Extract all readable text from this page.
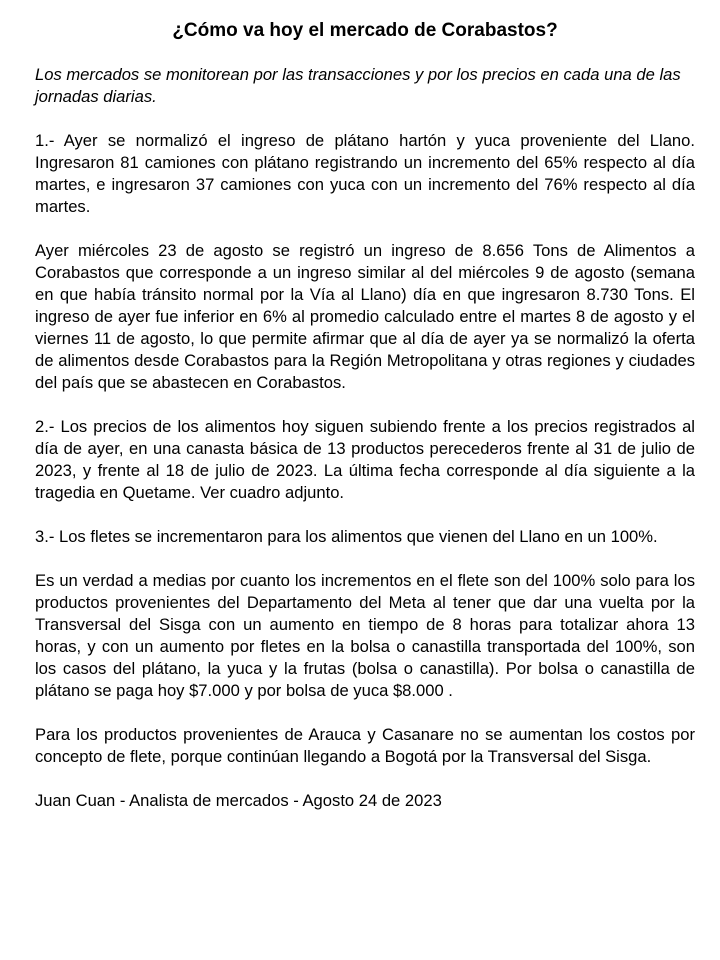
¿Cómo va hoy el mercado de Corabastos?

Los mercados se monitorean por las transacciones y por los precios en cada una de las jornadas diarias.

1.- Ayer se normalizó el ingreso de plátano hartón y yuca proveniente del Llano. Ingresaron 81 camiones con plátano registrando un incremento del 65% respecto al día martes, e ingresaron 37 camiones con yuca con un incremento del 76% respecto al día martes.

Ayer miércoles 23 de agosto se registró un ingreso de 8.656 Tons de Alimentos a Corabastos que corresponde a un ingreso similar al del miércoles 9 de agosto (semana en que había tránsito normal por la Vía al Llano) día en que ingresaron 8.730 Tons. El ingreso de ayer fue inferior en 6% al promedio calculado entre el martes 8 de agosto y el viernes 11 de agosto, lo que permite afirmar que al día de ayer ya se normalizó la oferta de alimentos desde Corabastos para la Región Metropolitana y otras regiones y ciudades del país que se abastecen en Corabastos.

2.- Los precios de los alimentos hoy siguen subiendo frente a los precios registrados al día de ayer, en una canasta básica de 13 productos perecederos frente al 31 de julio de 2023, y frente al 18 de julio de 2023. La última fecha corresponde al día siguiente a la tragedia en Quetame. Ver cuadro adjunto.

3.- Los fletes se incrementaron para los alimentos que vienen del Llano en un 100%.

Es un verdad a medias por cuanto los incrementos en el flete son del 100% solo para los productos provenientes del Departamento del Meta al tener que dar una vuelta por la Transversal del Sisga con un aumento en tiempo de 8 horas para totalizar ahora 13 horas, y con un aumento por fletes en la bolsa o canastilla transportada del 100%, son los casos del plátano, la yuca y la frutas (bolsa o canastilla). Por bolsa o canastilla de plátano se paga hoy $7.000 y por bolsa de yuca $8.000 .

Para los productos provenientes de Arauca y Casanare no se aumentan los costos por concepto de flete, porque continúan llegando a Bogotá por la Transversal del Sisga.

Juan Cuan - Analista de mercados - Agosto 24 de 2023
